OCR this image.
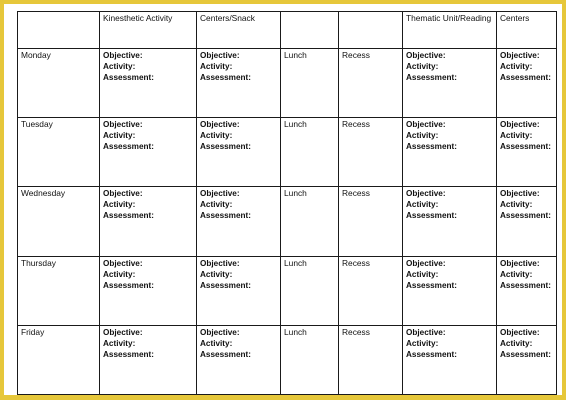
	Kinesthetic Activity	Centers/Snack			Thematic Unit/Reading	Centers

Monday	Objective:
Activity:
Assessment:	Objective:
Activity:
Assessment:	Lunch	Recess	Objective:
Activity:
Assessment:	Objective:
Activity:
Assessment:

Tuesday	Objective:
Activity:
Assessment:	Objective:
Activity:
Assessment:	Lunch	Recess	Objective:
Activity:
Assessment:	Objective:
Activity:
Assessment:

Wednesday	Objective:
Activity:
Assessment:	Objective:
Activity:
Assessment:	Lunch	Recess	Objective:
Activity:
Assessment:	Objective:
Activity:
Assessment:

Thursday	Objective:
Activity:
Assessment:	Objective:
Activity:
Assessment:	Lunch	Recess	Objective:
Activity:
Assessment:	Objective:
Activity:
Assessment:

Friday	Objective:
Activity:
Assessment:	Objective:
Activity:
Assessment:	Lunch	Recess	Objective:
Activity:
Assessment:	Objective:
Activity:
Assessment:
